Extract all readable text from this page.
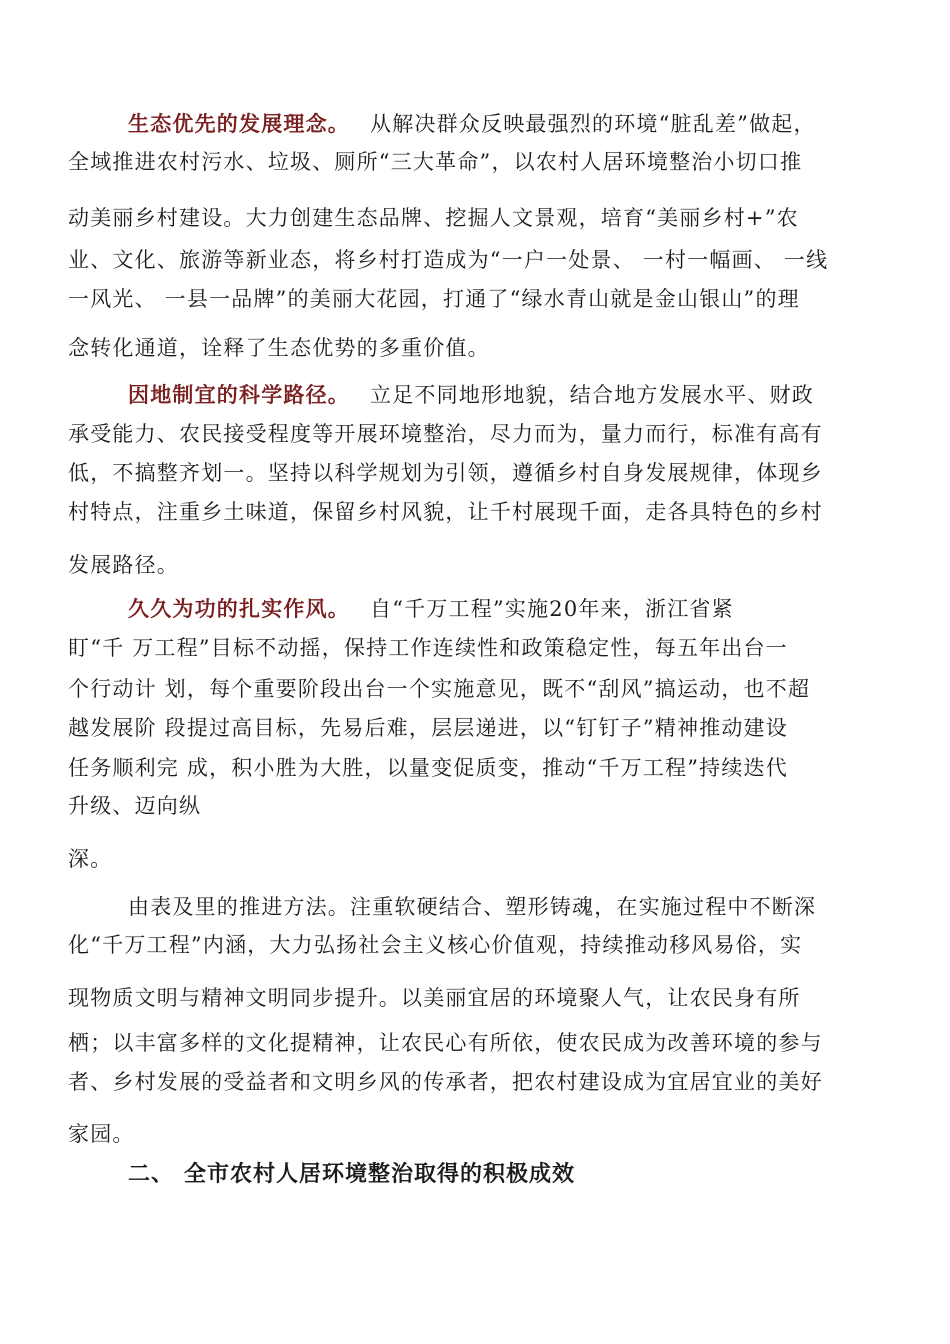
生态优先的发展理念。 从解决群众反映最强烈的环境“脏乱差”做起，
全域推进农村污水、垃圾、厕所“三大革命”，以农村人居环境整治小切口推
动美丽乡村建设。大力创建生态品牌、挖掘人文景观，培育“美丽乡村+”农
业、文化、旅游等新业态，将乡村打造成为“一户一处景、 一村一幅画、 一线
一风光、 一县一品牌”的美丽大花园，打通了“绿水青山就是金山银山”的理
念转化通道，诠释了生态优势的多重价值。
因地制宜的科学路径。 立足不同地形地貌，结合地方发展水平、财政
承受能力、农民接受程度等开展环境整治，尽力而为，量力而行，标准有高有
低，不搞整齐划一。坚持以科学规划为引领，遵循乡村自身发展规律，体现乡
村特点，注重乡土味道，保留乡村风貌，让千村展现千面，走各具特色的乡村
发展路径。
久久为功的扎实作风。 自“千万工程”实施20年来，浙江省紧
盯“千 万工程”目标不动摇，保持工作连续性和政策稳定性，每五年出台一
个行动计 划，每个重要阶段出台一个实施意见，既不“刮风”搞运动，也不超
越发展阶 段提过高目标，先易后难，层层递进，以“钉钉子”精神推动建设
任务顺利完 成，积小胜为大胜，以量变促质变，推动“千万工程”持续迭代
升级、迈向纵
深。
由表及里的推进方法。注重软硬结合、塑形铸魂，在实施过程中不断深
化“千万工程”内涵，大力弘扬社会主义核心价值观，持续推动移风易俗，实
现物质文明与精神文明同步提升。以美丽宜居的环境聚人气，让农民身有所
栖；以丰富多样的文化提精神，让农民心有所依，使农民成为改善环境的参与
者、乡村发展的受益者和文明乡风的传承者，把农村建设成为宜居宜业的美好
家园。
二、 全市农村人居环境整治取得的积极成效
